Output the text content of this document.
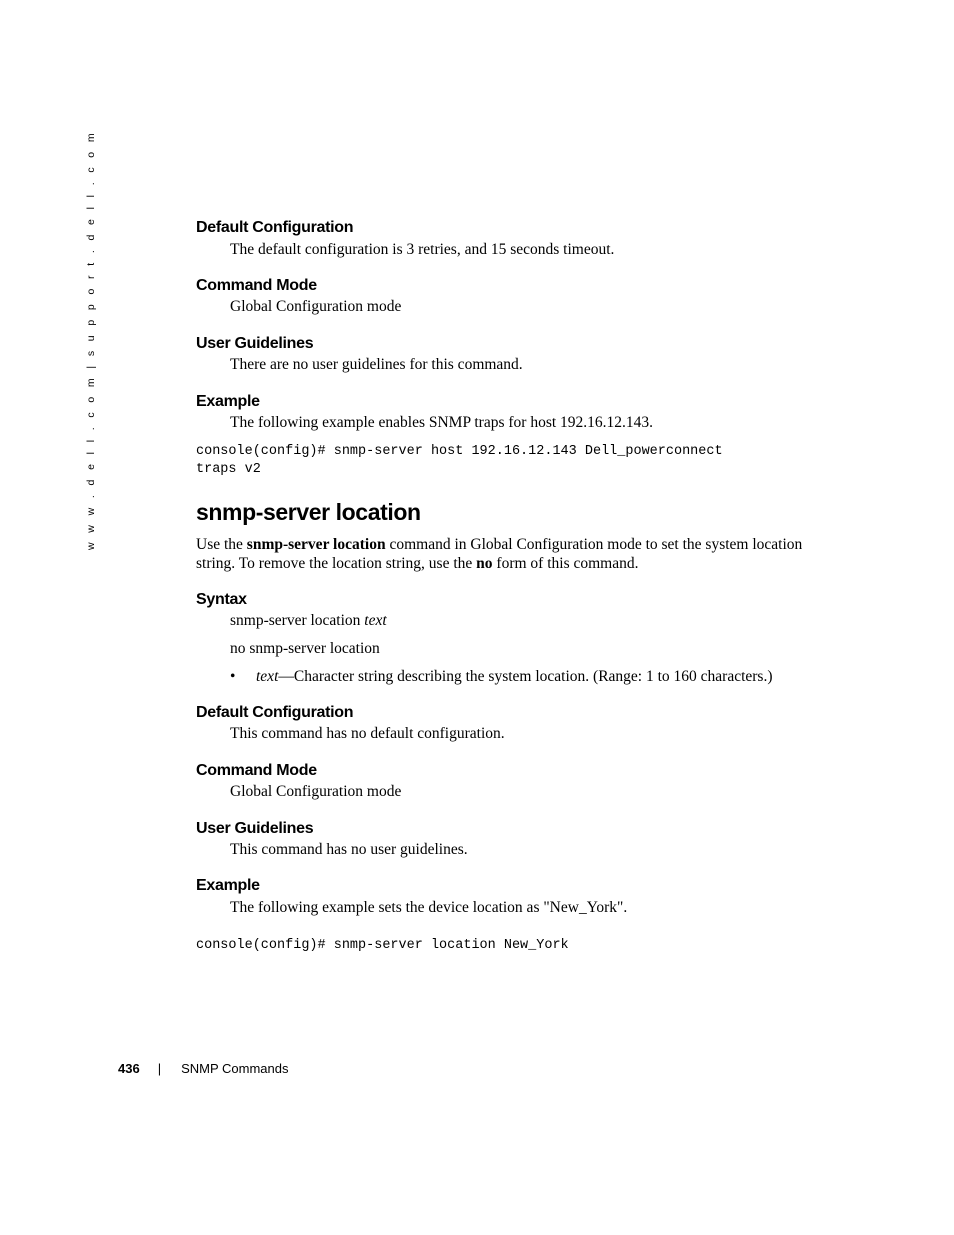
w w w . d e l l . c o m | s u p p o r t . d e l l . c o m	Default Configuration
The default configuration is 3 retries, and 15 seconds timeout.
Command Mode
Global Configuration mode
User Guidelines
There are no user guidelines for this command.
Example
The following example enables SNMP traps for host 192.16.12.143.
console(config)# snmp-server host 192.16.12.143 Dell_powerconnect
traps v2
snmp-server location
Use the snmp-server location command in Global Configuration mode to set the system location string. To remove the location string, use the no form of this command.
Syntax
snmp-server location text
no snmp-server location
• text—Character string describing the system location. (Range: 1 to 160 characters.)
Default Configuration
This command has no default configuration.
Command Mode
Global Configuration mode
User Guidelines
This command has no user guidelines.
Example
The following example sets the device location as "New_York".
console(config)# snmp-server location New_York
436 | SNMP Commands
